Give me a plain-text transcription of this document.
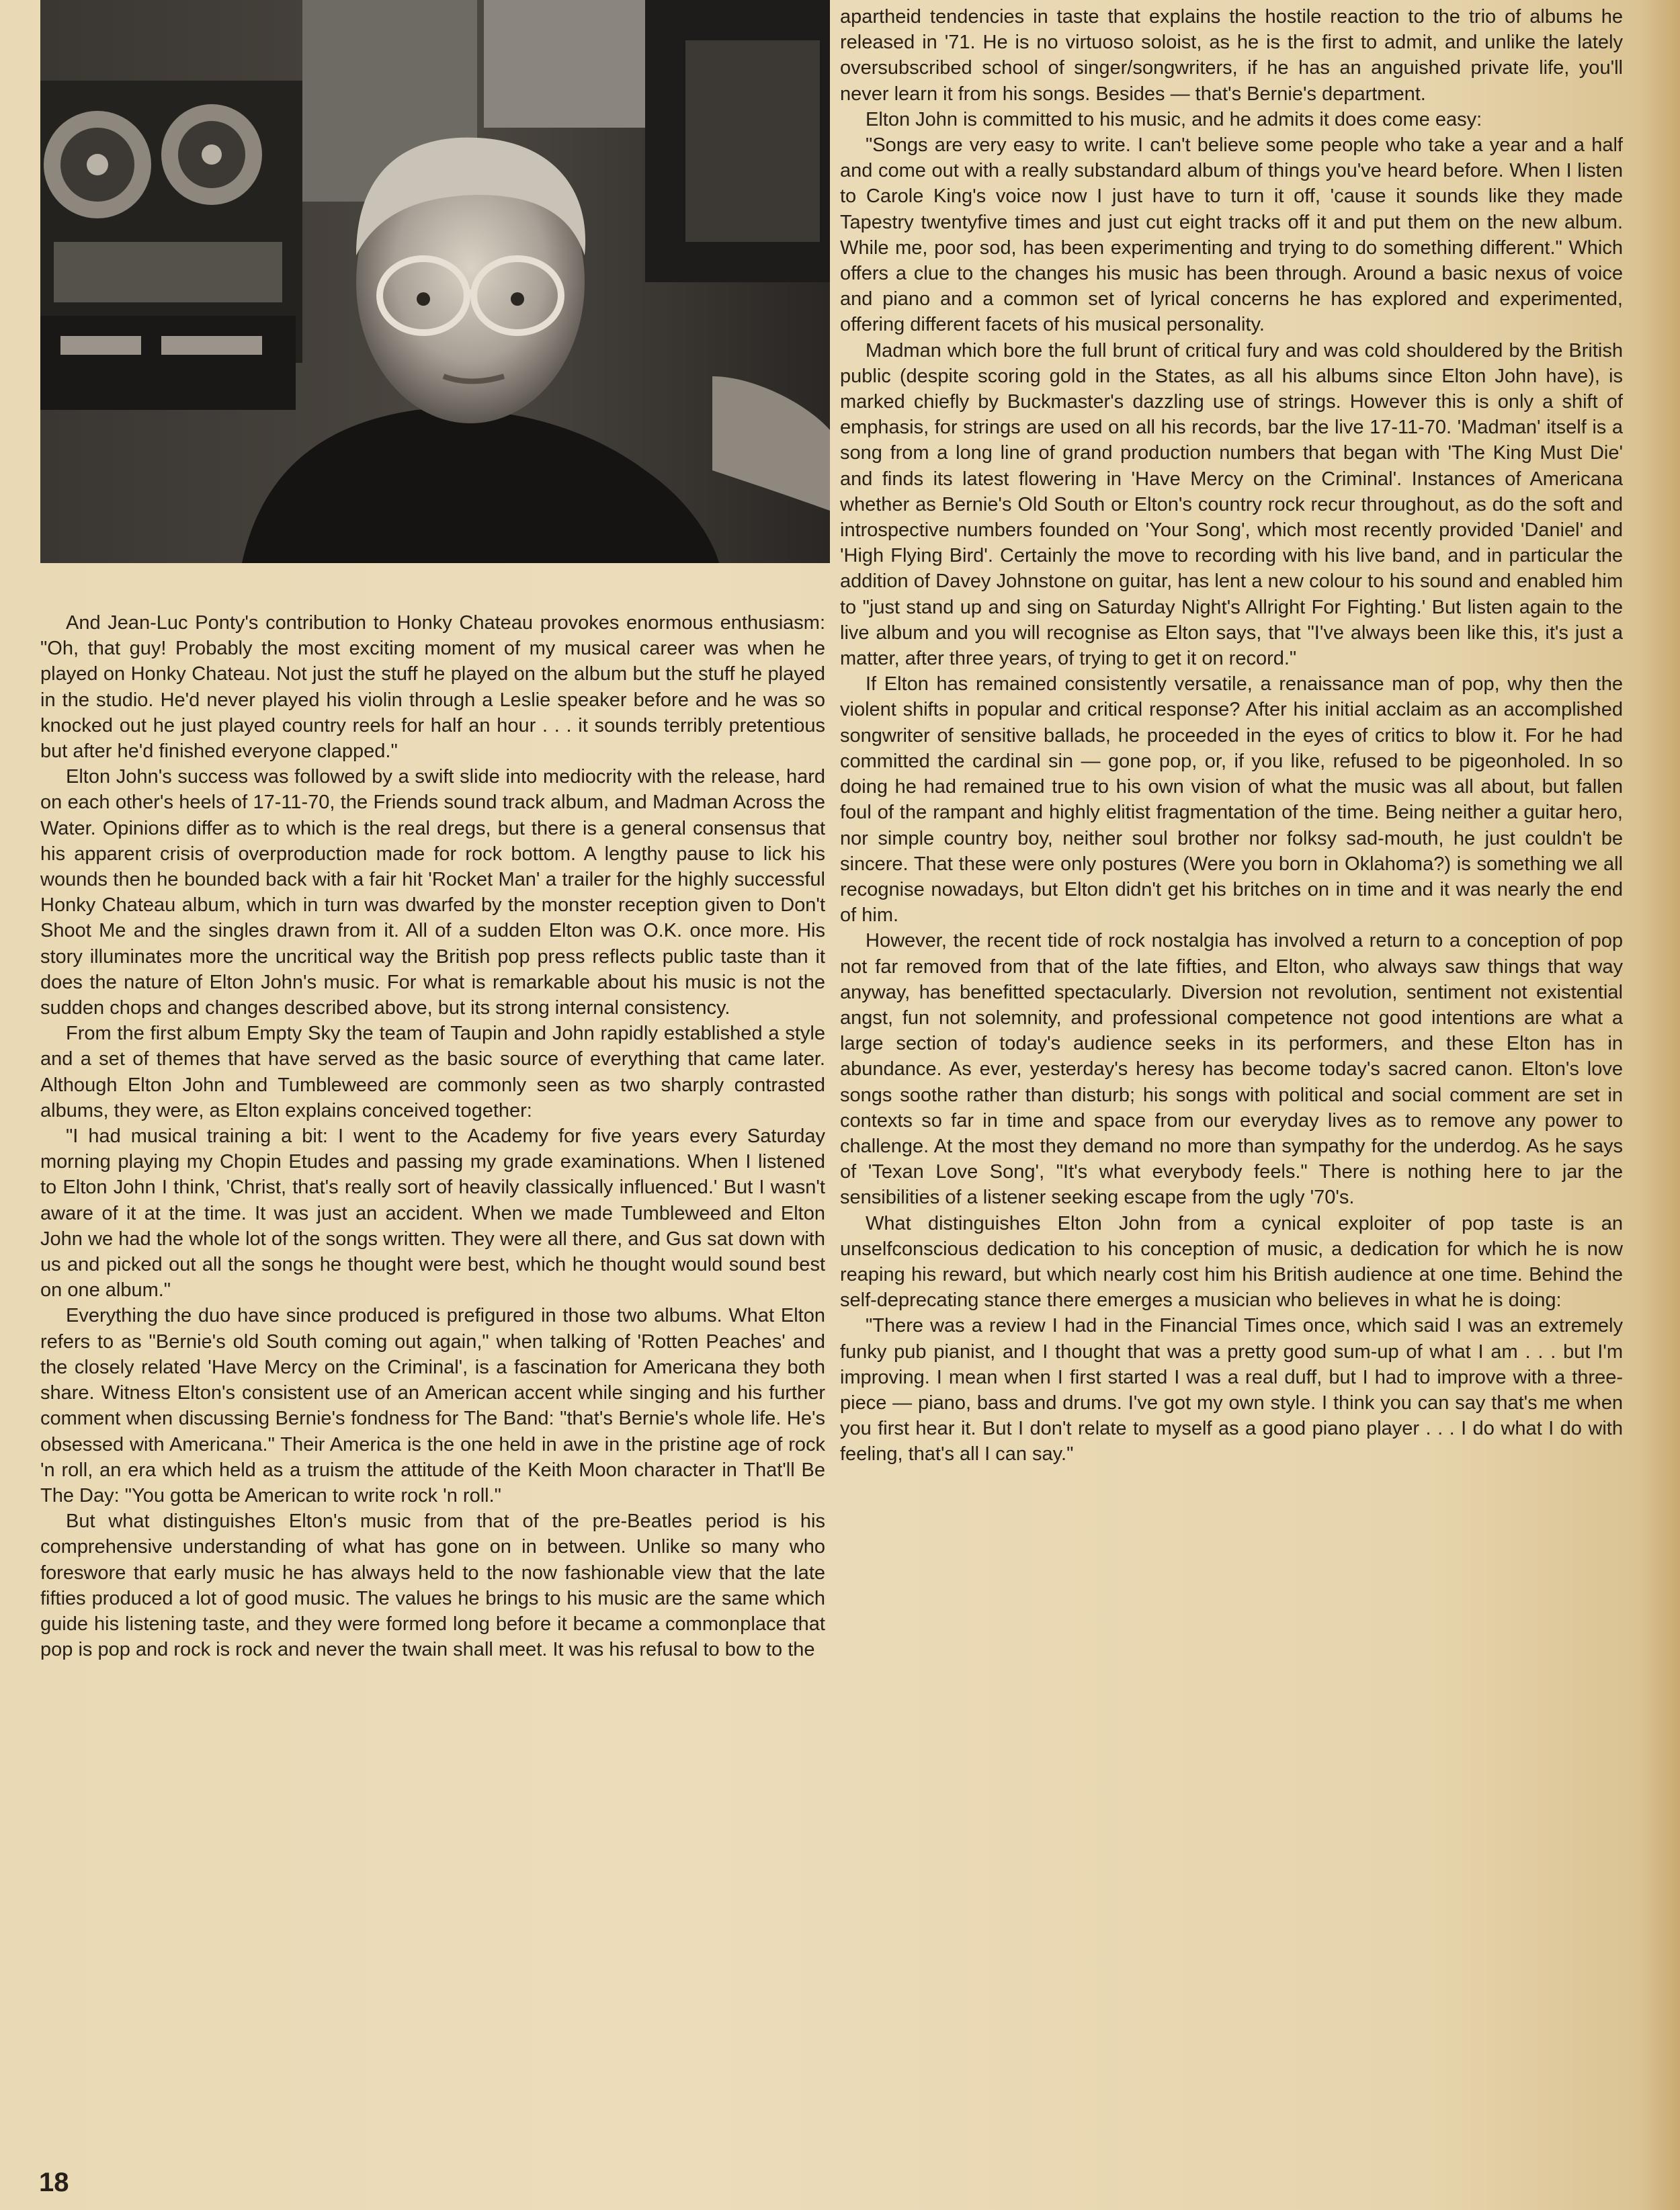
And Jean-Luc Ponty's contribution to Honky Chateau provokes enormous enthusiasm: "Oh, that guy! Probably the most exciting moment of my musical career was when he played on Honky Chateau. Not just the stuff he played on the album but the stuff he played in the studio. He'd never played his violin through a Leslie speaker before and he was so knocked out he just played country reels for half an hour . . . it sounds terribly pretentious but after he'd finished everyone clapped."

Elton John's success was followed by a swift slide into mediocrity with the release, hard on each other's heels of 17-11-70, the Friends sound track album, and Madman Across the Water. Opinions differ as to which is the real dregs, but there is a general consensus that his apparent crisis of overproduction made for rock bottom. A lengthy pause to lick his wounds then he bounded back with a fair hit 'Rocket Man' a trailer for the highly successful Honky Chateau album, which in turn was dwarfed by the monster reception given to Don't Shoot Me and the singles drawn from it. All of a sudden Elton was O.K. once more. His story illuminates more the uncritical way the British pop press reflects public taste than it does the nature of Elton John's music. For what is remarkable about his music is not the sudden chops and changes described above, but its strong internal consistency.

From the first album Empty Sky the team of Taupin and John rapidly established a style and a set of themes that have served as the basic source of everything that came later. Although Elton John and Tumbleweed are commonly seen as two sharply contrasted albums, they were, as Elton explains conceived together:

"I had musical training a bit: I went to the Academy for five years every Saturday morning playing my Chopin Etudes and passing my grade examinations. When I listened to Elton John I think, 'Christ, that's really sort of heavily classically influenced.' But I wasn't aware of it at the time. It was just an accident. When we made Tumbleweed and Elton John we had the whole lot of the songs written. They were all there, and Gus sat down with us and picked out all the songs he thought were best, which he thought would sound best on one album."

Everything the duo have since produced is prefigured in those two albums. What Elton refers to as "Bernie's old South coming out again," when talking of 'Rotten Peaches' and the closely related 'Have Mercy on the Criminal', is a fascination for Americana they both share. Witness Elton's consistent use of an American accent while singing and his further comment when discussing Bernie's fondness for The Band: "that's Bernie's whole life. He's obsessed with Americana." Their America is the one held in awe in the pristine age of rock 'n roll, an era which held as a truism the attitude of the Keith Moon character in That'll Be The Day: "You gotta be American to write rock 'n roll."

But what distinguishes Elton's music from that of the pre-Beatles period is his comprehensive understanding of what has gone on in between. Unlike so many who foreswore that early music he has always held to the now fashionable view that the late fifties produced a lot of good music. The values he brings to his music are the same which guide his listening taste, and they were formed long before it became a commonplace that pop is pop and rock is rock and never the twain shall meet. It was his refusal to bow to the

apartheid tendencies in taste that explains the hostile reaction to the trio of albums he released in '71. He is no virtuoso soloist, as he is the first to admit, and unlike the lately oversubscribed school of singer/songwriters, if he has an anguished private life, you'll never learn it from his songs. Besides — that's Bernie's department.

Elton John is committed to his music, and he admits it does come easy:

"Songs are very easy to write. I can't believe some people who take a year and a half and come out with a really substandard album of things you've heard before. When I listen to Carole King's voice now I just have to turn it off, 'cause it sounds like they made Tapestry twentyfive times and just cut eight tracks off it and put them on the new album. While me, poor sod, has been experimenting and trying to do something different." Which offers a clue to the changes his music has been through. Around a basic nexus of voice and piano and a common set of lyrical concerns he has explored and experimented, offering different facets of his musical personality.

Madman which bore the full brunt of critical fury and was cold shouldered by the British public (despite scoring gold in the States, as all his albums since Elton John have), is marked chiefly by Buckmaster's dazzling use of strings. However this is only a shift of emphasis, for strings are used on all his records, bar the live 17-11-70. 'Madman' itself is a song from a long line of grand production numbers that began with 'The King Must Die' and finds its latest flowering in 'Have Mercy on the Criminal'. Instances of Americana whether as Bernie's Old South or Elton's country rock recur throughout, as do the soft and introspective numbers founded on 'Your Song', which most recently provided 'Daniel' and 'High Flying Bird'. Certainly the move to recording with his live band, and in particular the addition of Davey Johnstone on guitar, has lent a new colour to his sound and enabled him to "just stand up and sing on Saturday Night's Allright For Fighting.' But listen again to the live album and you will recognise as Elton says, that "I've always been like this, it's just a matter, after three years, of trying to get it on record."

If Elton has remained consistently versatile, a renaissance man of pop, why then the violent shifts in popular and critical response? After his initial acclaim as an accomplished songwriter of sensitive ballads, he proceeded in the eyes of critics to blow it. For he had committed the cardinal sin — gone pop, or, if you like, refused to be pigeonholed. In so doing he had remained true to his own vision of what the music was all about, but fallen foul of the rampant and highly elitist fragmentation of the time. Being neither a guitar hero, nor simple country boy, neither soul brother nor folksy sad-mouth, he just couldn't be sincere. That these were only postures (Were you born in Oklahoma?) is something we all recognise nowadays, but Elton didn't get his britches on in time and it was nearly the end of him.

However, the recent tide of rock nostalgia has involved a return to a conception of pop not far removed from that of the late fifties, and Elton, who always saw things that way anyway, has benefitted spectacularly. Diversion not revolution, sentiment not existential angst, fun not solemnity, and professional competence not good intentions are what a large section of today's audience seeks in its performers, and these Elton has in abundance. As ever, yesterday's heresy has become today's sacred canon. Elton's love songs soothe rather than disturb; his songs with political and social comment are set in contexts so far in time and space from our everyday lives as to remove any power to challenge. At the most they demand no more than sympathy for the underdog. As he says of 'Texan Love Song', "It's what everybody feels." There is nothing here to jar the sensibilities of a listener seeking escape from the ugly '70's.

What distinguishes Elton John from a cynical exploiter of pop taste is an unselfconscious dedication to his conception of music, a dedication for which he is now reaping his reward, but which nearly cost him his British audience at one time. Behind the self-deprecating stance there emerges a musician who believes in what he is doing:

"There was a review I had in the Financial Times once, which said I was an extremely funky pub pianist, and I thought that was a pretty good sum-up of what I am . . . but I'm improving. I mean when I first started I was a real duff, but I had to improve with a three-piece — piano, bass and drums. I've got my own style. I think you can say that's me when you first hear it. But I don't relate to myself as a good piano player . . . I do what I do with feeling, that's all I can say."

18
